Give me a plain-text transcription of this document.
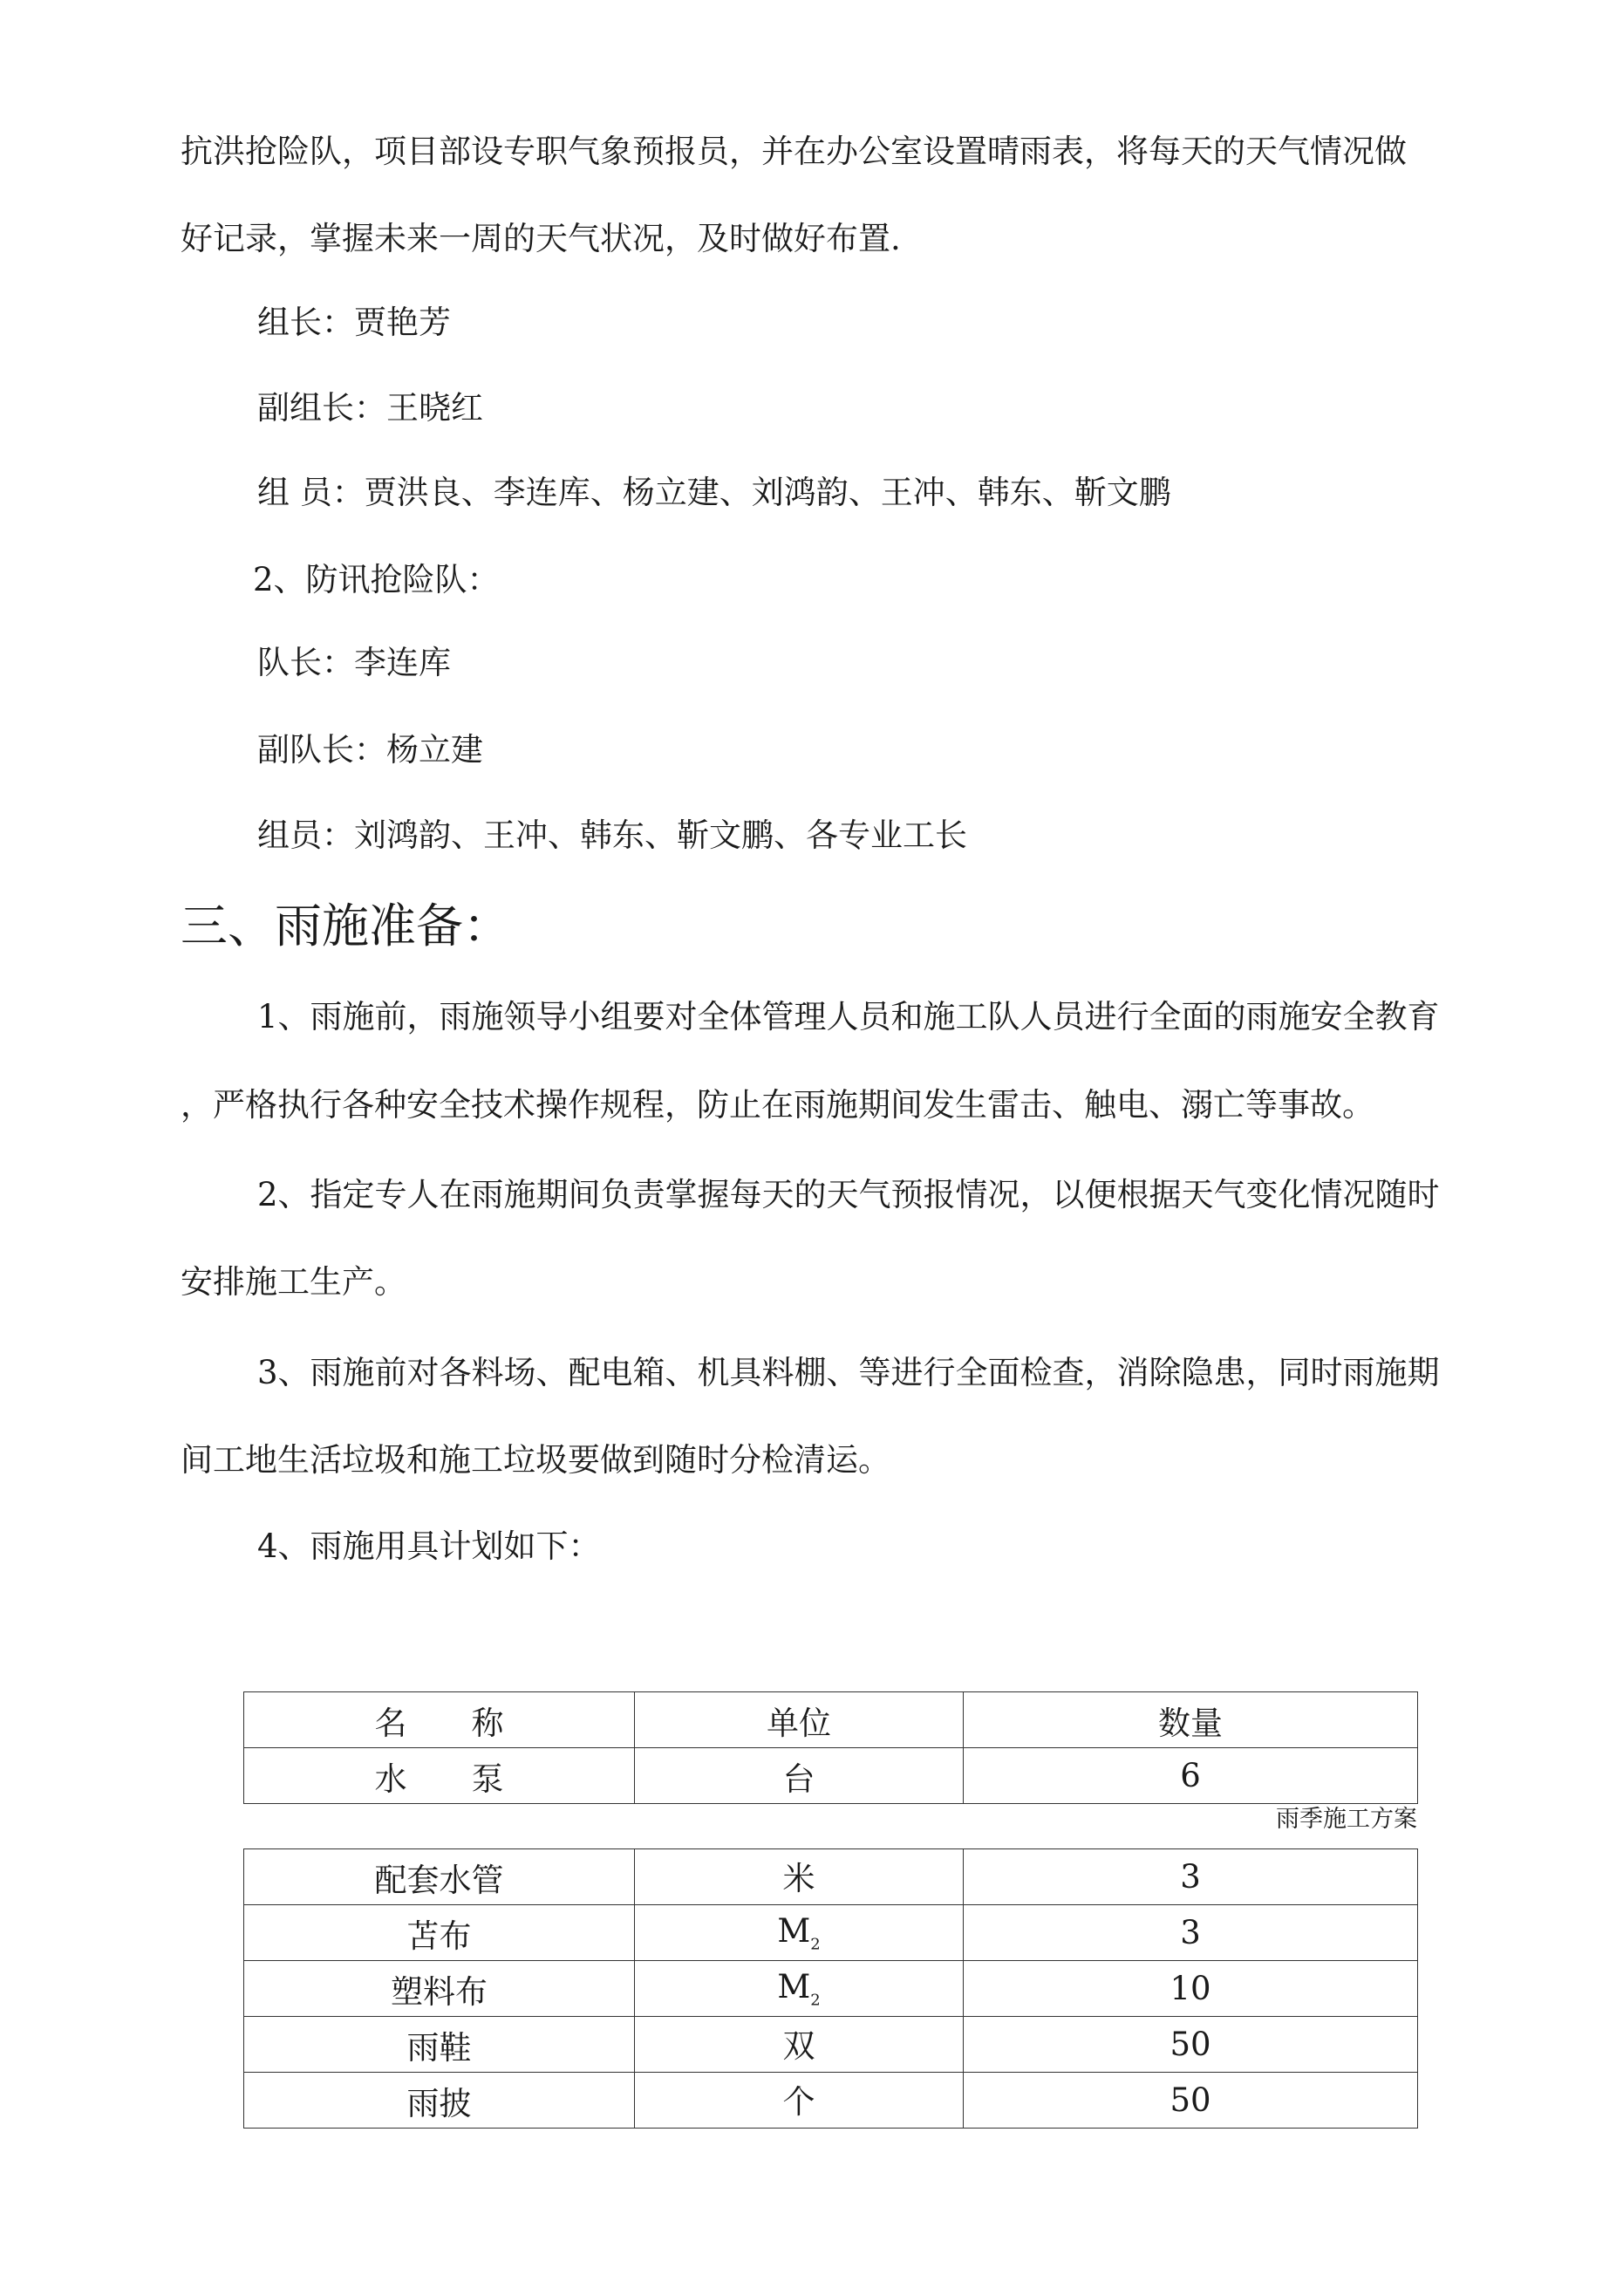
抗洪抢险队，项目部设专职气象预报员，并在办公室设置晴雨表，将每天的天气情况做
好记录，掌握未来一周的天气状况，及时做好布置.
组长：贾艳芳
副组长：王晓红
组 员：贾洪良、李连库、杨立建、刘鸿韵、王冲、韩东、靳文鹏
2、防讯抢险队：
队长：李连库
副队长：杨立建
组员：刘鸿韵、王冲、韩东、靳文鹏、各专业工长
三、雨施准备：
1、雨施前，雨施领导小组要对全体管理人员和施工队人员进行全面的雨施安全教育
，严格执行各种安全技术操作规程，防止在雨施期间发生雷击、触电、溺亡等事故。
2、指定专人在雨施期间负责掌握每天的天气预报情况，以便根据天气变化情况随时
安排施工生产。
3、雨施前对各料场、配电箱、机具料棚、等进行全面检查，消除隐患，同时雨施期
间工地生活垃圾和施工垃圾要做到随时分检清运。
4、雨施用具计划如下：
名　　称	单位	数量
水　　泵	台	6
雨季施工方案
配套水管	米	3
苫布	$M_2$	3
塑料布	$M_2$	10
雨鞋	双	50
雨披	个	50
